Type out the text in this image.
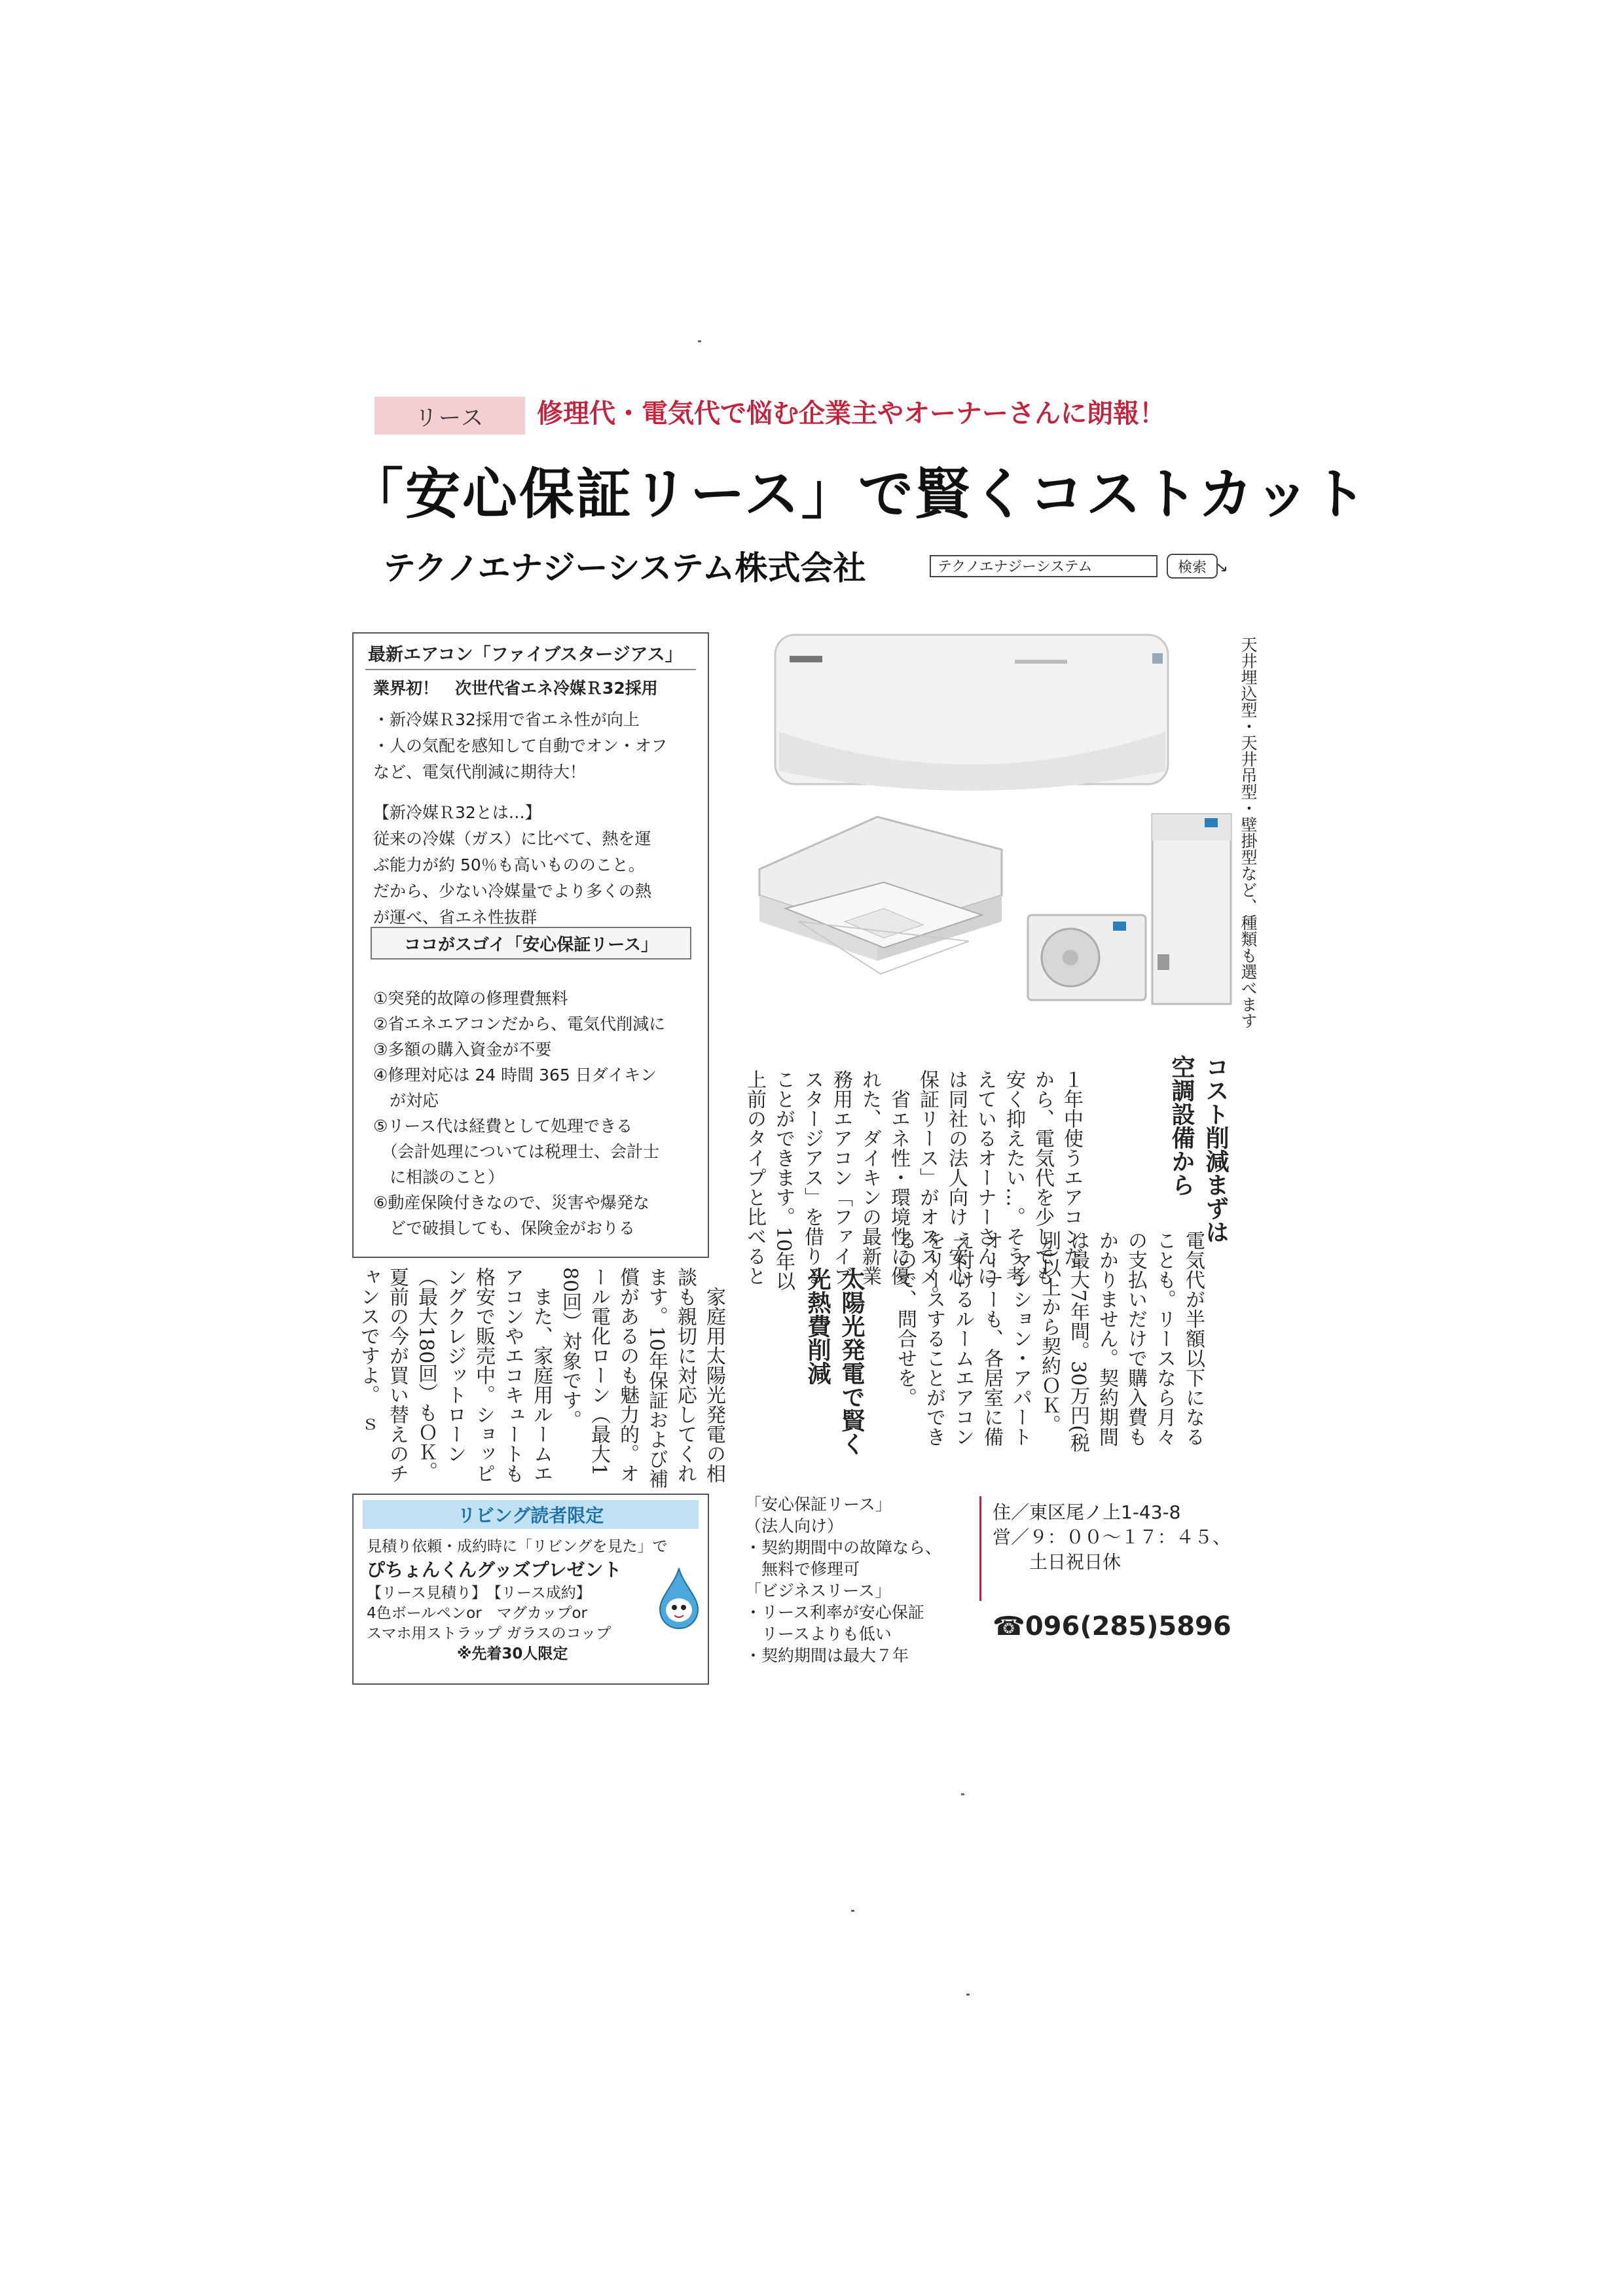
リース	修理代・電気代で悩む企業主やオーナーさんに朗報！
「安心保証リース」で賢くコストカット
テクノエナジーシステム株式会社	テクノエナジーシステム	検索
最新エアコン「ファイブスタージアス」
業界初！　次世代省エネ冷媒Ｒ32採用
・新冷媒Ｒ32採用で省エネ性が向上
・人の気配を感知して自動でオン・オフ
など、電気代削減に期待大！
【新冷媒Ｒ32とは…】
従来の冷媒（ガス）に比べて、熱を運
ぶ能力が約 50％も高いもののこと。
だから、少ない冷媒量でより多くの熱
が運べ、省エネ性抜群
ココがスゴイ「安心保証リース」
①突発的故障の修理費無料
②省エネエアコンだから、電気代削減に
③多額の購入資金が不要
④修理対応は 24 時間 365 日ダイキン
　が対応
⑤リース代は経費として処理できる
　（会計処理については税理士、会計士
　に相談のこと）
⑥動産保険付きなので、災害や爆発な
　どで破損しても、保険金がおりる
天井埋込型・天井吊型・壁掛型など、種類も選べます
コスト削減まずは
空調設備から
１年中使うエアコンだ
から、電気代を少しでも
安く抑えたい…。そう考
えているオーナーさんに
は同社の法人向け「安心
保証リース」がオススメ。
　省エネ性・環境性に優
れた、ダイキンの最新業
務用エアコン「ファイブ
スタージアス」を借りる
ことができます。10年以
上前のタイプと比べると
電気代が半額以下になる
ことも。リースなら月々
の支払いだけで購入費も
かかりません。契約期間
は最大7年間。30万円(税
別)以上から契約ＯＫ。
　マンション・アパート
オーナーも、各居室に備
え付けるルームエアコン
をリースすることができ
るので、問合せを。
太陽光発電で賢く
光熱費削減
　家庭用太陽光発電の相
談も親切に対応してくれ
ます。10年保証および補
償があるのも魅力的。オ
ール電化ローン（最大1
80回）対象です。
　また、家庭用ルームエ
アコンやエコキュートも
格安で販売中。ショッピ
ングクレジットローン
（最大180回）もＯＫ。
夏前の今が買い替えのチ
ャンスですよ。　ｓ
リビング読者限定
見積り依頼・成約時に「リビングを見た」で
ぴちょんくんグッズプレゼント
【リース見積り】　【リース成約】
4色ボールペンor　マグカップor
スマホ用ストラップ ガラスのコップ
　　　　　　※先着30人限定
「安心保証リース」
（法人向け）
・契約期間中の故障なら、
　無料で修理可
「ビジネスリース」
・リース利率が安心保証
　リースよりも低い
・契約期間は最大７年
住／東区尾ノ上1-43-8
営／９：００～１７：４５、
　　土日祝日休
☎096(285)5896
